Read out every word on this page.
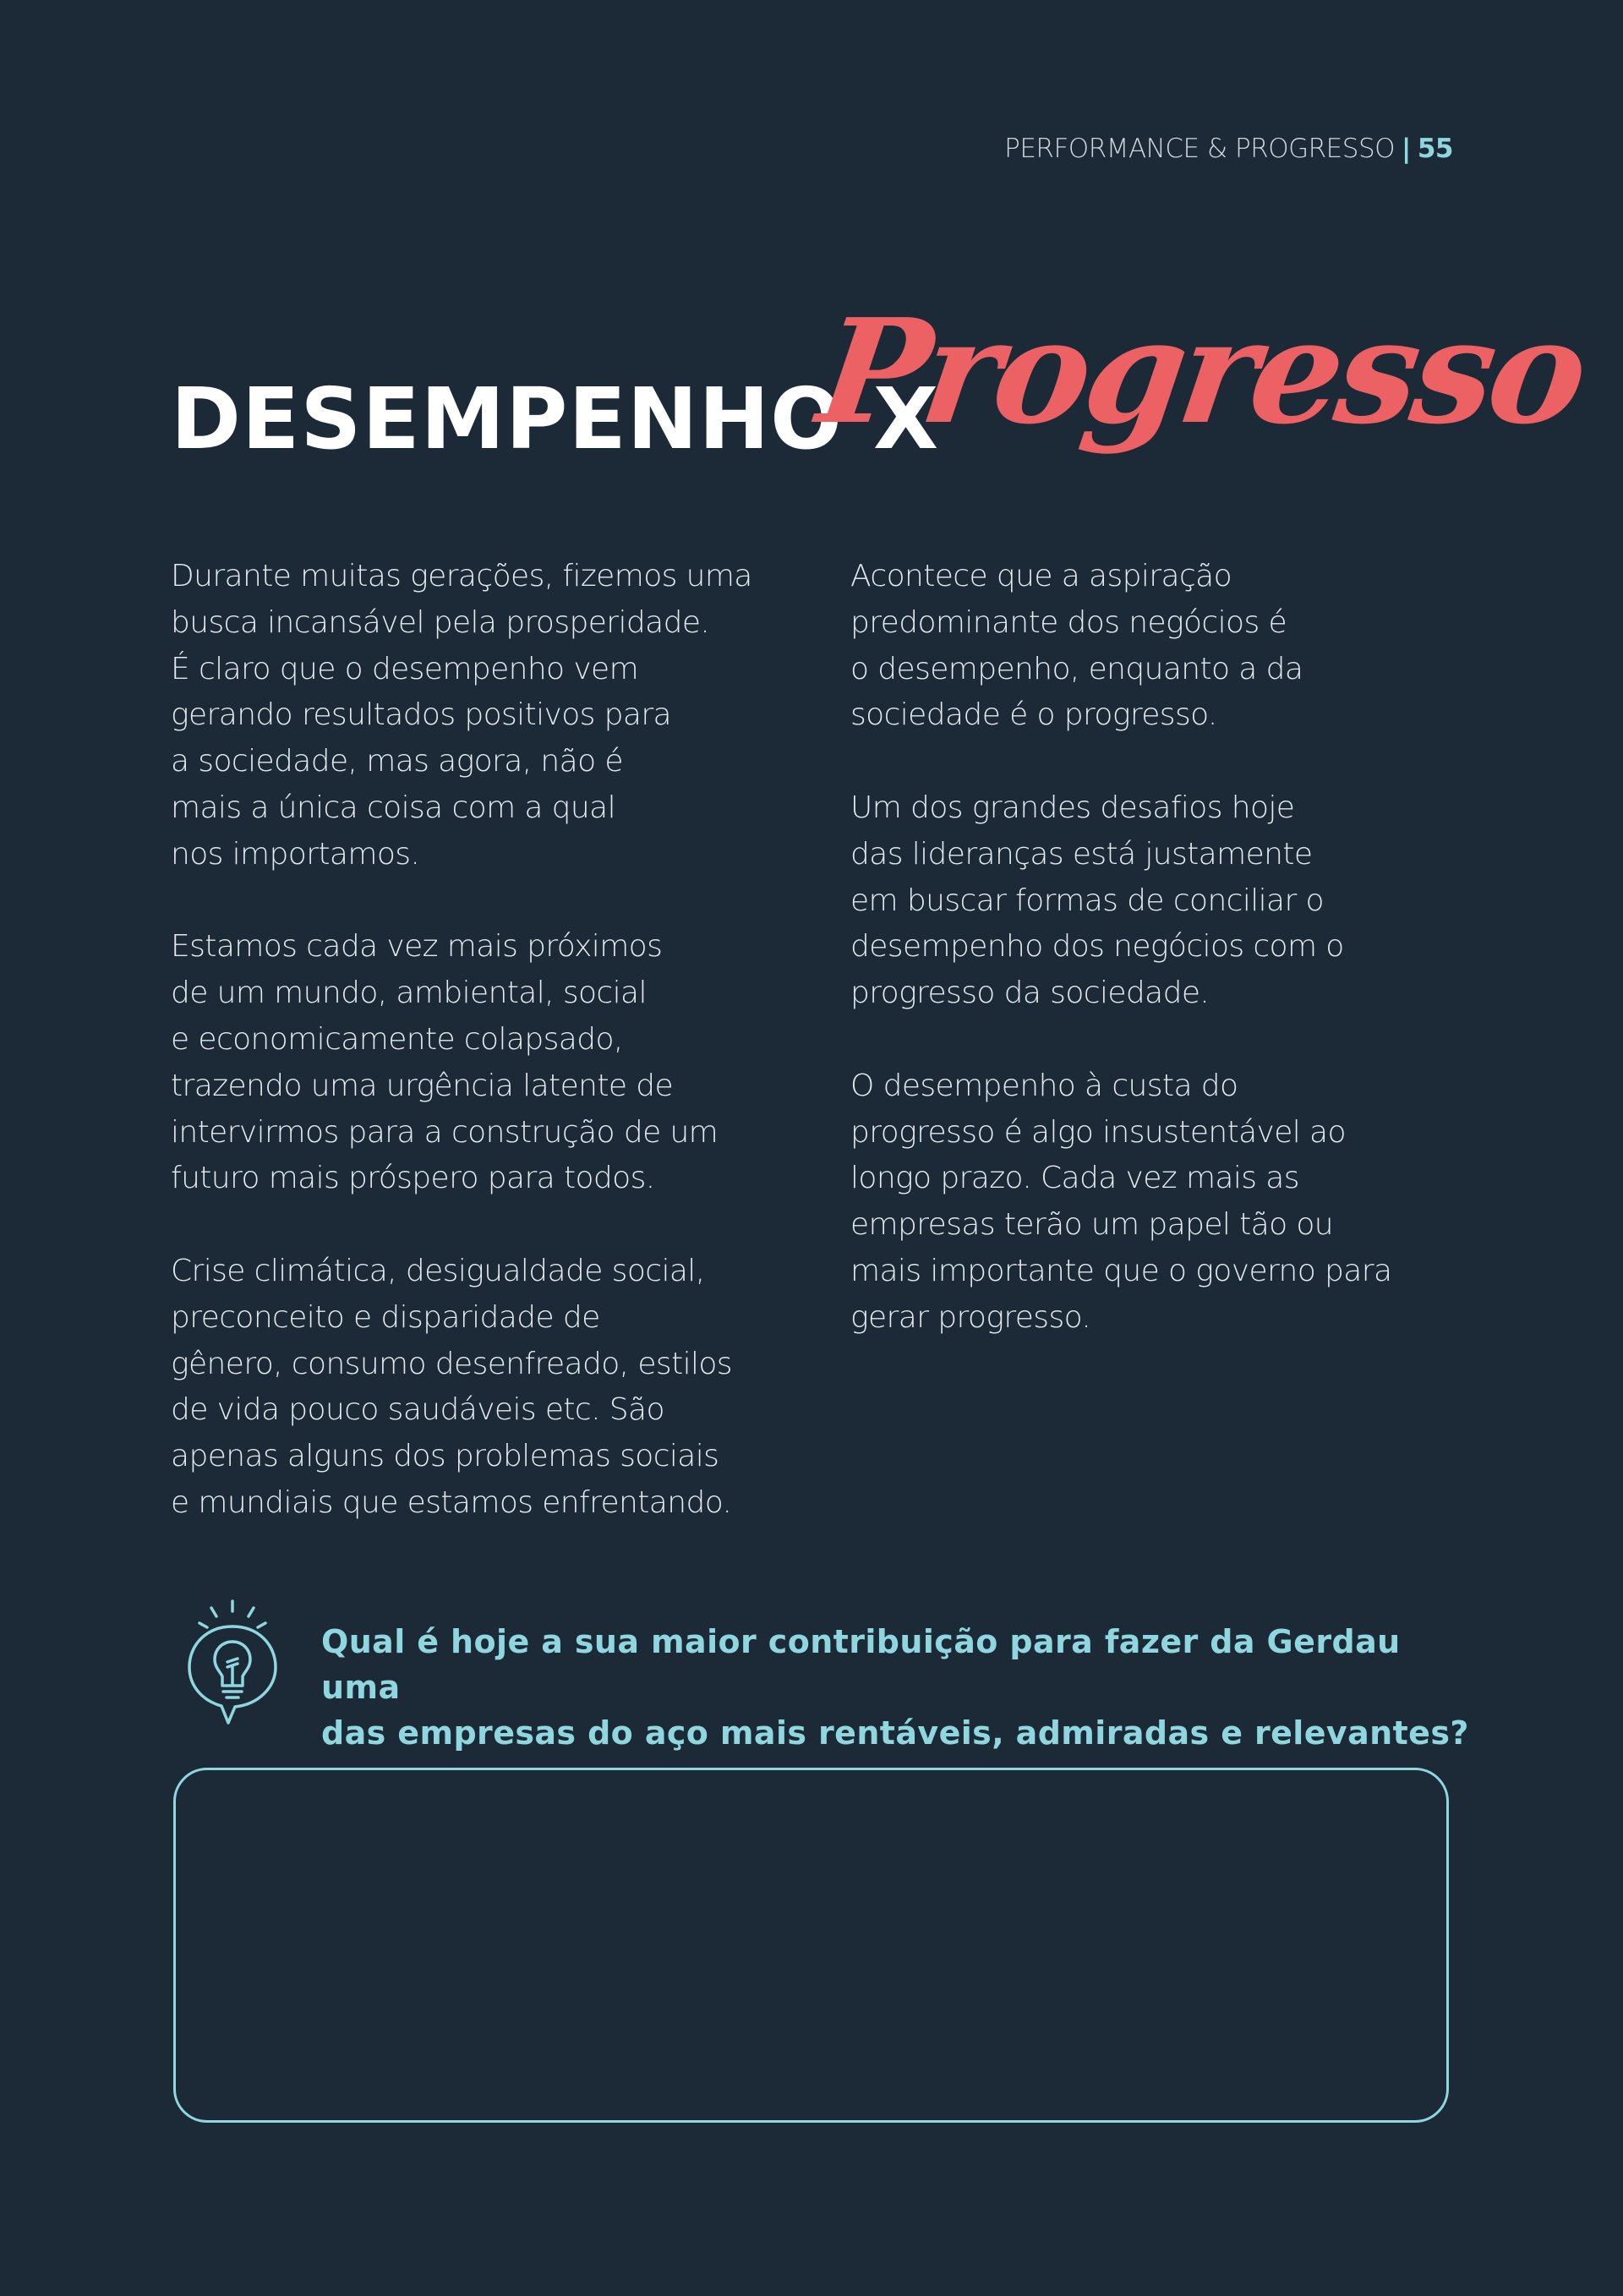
PERFORMANCE & PROGRESSO | 55
DESEMPENHO X
Progresso

Durante muitas gerações, fizemos uma
busca incansável pela prosperidade.
É claro que o desempenho vem
gerando resultados positivos para
a sociedade, mas agora, não é
mais a única coisa com a qual
nos importamos.

Estamos cada vez mais próximos
de um mundo, ambiental, social
e economicamente colapsado,
trazendo uma urgência latente de
intervirmos para a construção de um
futuro mais próspero para todos.

Crise climática, desigualdade social,
preconceito e disparidade de
gênero, consumo desenfreado, estilos
de vida pouco saudáveis etc. São
apenas alguns dos problemas sociais
e mundiais que estamos enfrentando.

Acontece que a aspiração
predominante dos negócios é
o desempenho, enquanto a da
sociedade é o progresso.

Um dos grandes desafios hoje
das lideranças está justamente
em buscar formas de conciliar o
desempenho dos negócios com o
progresso da sociedade.

O desempenho à custa do
progresso é algo insustentável ao
longo prazo. Cada vez mais as
empresas terão um papel tão ou
mais importante que o governo para
gerar progresso.

Qual é hoje a sua maior contribuição para fazer da Gerdau uma
das empresas do aço mais rentáveis, admiradas e relevantes?
